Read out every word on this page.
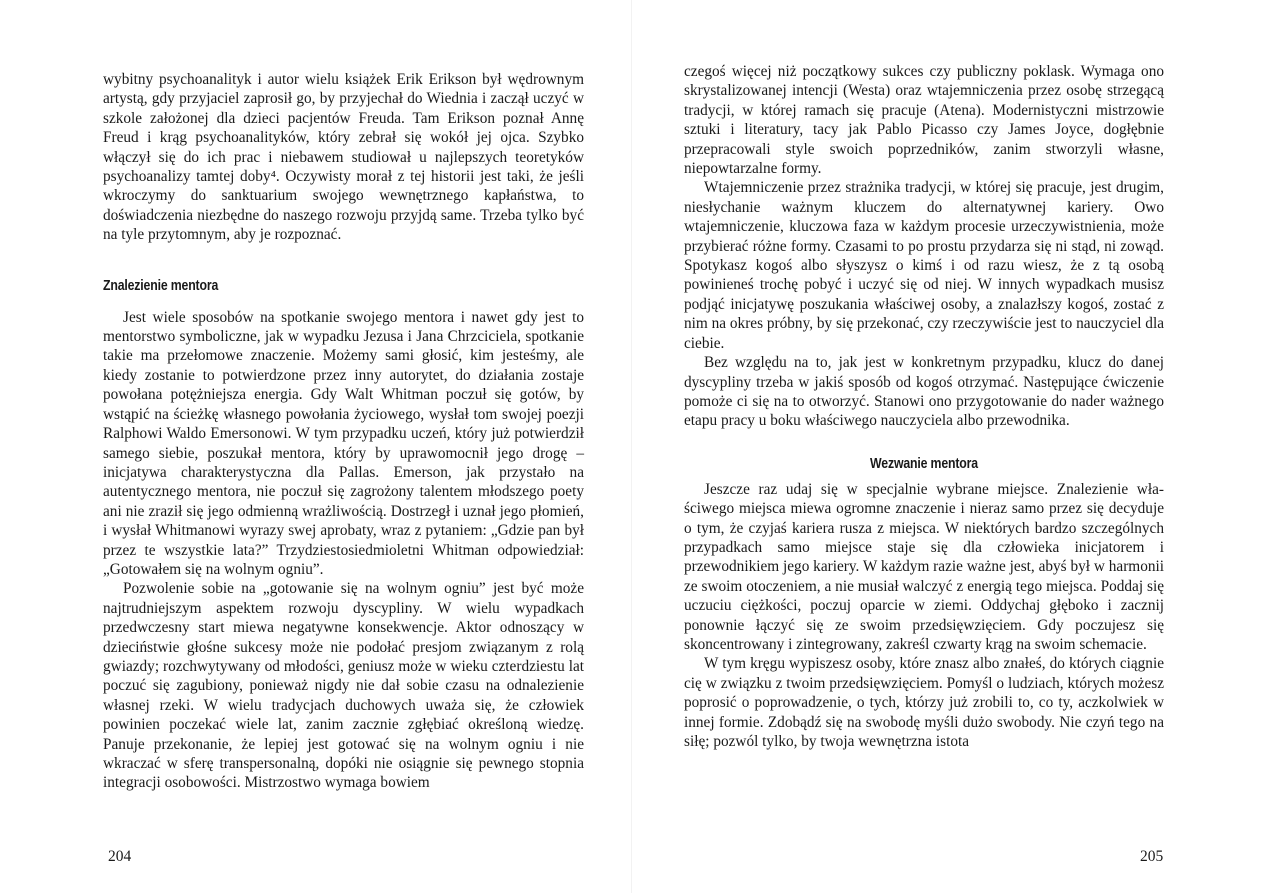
wybitny psychoanalityk i autor wielu książek Erik Erikson był wędrownym artystą, gdy przyjaciel zaprosił go, by przyjechał do Wiednia i zaczął uczyć w szkole założonej dla dzieci pacjentów Freuda. Tam Erikson poznał Annę Freud i krąg psychoanalityków, który zebrał się wokół jej ojca. Szybko włączył się do ich prac i niebawem studiował u najlepszych teoretyków psychoanalizy tamtej doby⁴. Oczywisty morał z tej historii jest taki, że jeśli wkroczymy do sanktuarium swojego wewnętrznego kapłaństwa, to doświadczenia niezbędne do naszego rozwoju przyjdą same. Trzeba tylko być na tyle przytomnym, aby je rozpoznać.

Znalezienie mentora

Jest wiele sposobów na spotkanie swojego mentora i nawet gdy jest to mentorstwo symboliczne, jak w wypadku Jezusa i Jana Chrzciciela, spotkanie takie ma przełomowe znaczenie. Możemy sami głosić, kim jesteśmy, ale kiedy zostanie to potwierdzone przez inny autorytet, do działania zostaje powołana potężniejsza energia. Gdy Walt Whitman poczuł się gotów, by wstąpić na ścieżkę własnego powołania życiowego, wysłał tom swojej poezji Ralphowi Waldo Emersonowi. W tym przypadku uczeń, który już potwierdził samego siebie, poszukał mentora, który by uprawomocnił jego drogę – inicjatywa charakterystyczna dla Pallas. Emerson, jak przystało na autentycznego mentora, nie poczuł się zagrożony talentem młodszego poety ani nie zraził się jego odmienną wrażliwością. Dostrzegł i uznał jego płomień, i wysłał Whitmanowi wyrazy swej aprobaty, wraz z pytaniem: „Gdzie pan był przez te wszystkie lata?” Trzydziestosiedmioletni Whitman odpowiedział: „Gotowałem się na wolnym ogniu”.

Pozwolenie sobie na „gotowanie się na wolnym ogniu” jest być może najtrudniejszym aspektem rozwoju dyscypliny. W wielu wypadkach przedwczesny start miewa negatywne konsekwencje. Aktor odnoszący w dzieciństwie głośne sukcesy może nie podołać presjom związanym z rolą gwiazdy; rozchwytywany od młodości, geniusz może w wieku czterdziestu lat poczuć się zagubiony, ponieważ nigdy nie dał sobie czasu na odnalezienie własnej rzeki. W wielu tradycjach duchowych uważa się, że człowiek powinien poczekać wiele lat, zanim zacznie zgłębiać określoną wiedzę. Panuje przekonanie, że lepiej jest gotować się na wolnym ogniu i nie wkraczać w sferę transpersonalną, dopóki nie osiągnie się pewnego stopnia integracji osobowości. Mistrzostwo wymaga bowiem

204

czegoś więcej niż początkowy sukces czy publiczny poklask. Wymaga ono skrystalizowanej intencji (Westa) oraz wtajemniczenia przez osobę strzegącą tradycji, w której ramach się pracuje (Atena). Modernistyczni mistrzowie sztuki i literatury, tacy jak Pablo Picasso czy James Joyce, dogłębnie przepracowali style swoich poprzedników, zanim stworzyli własne, niepowtarzalne formy.

Wtajemniczenie przez strażnika tradycji, w której się pracuje, jest drugim, niesłychanie ważnym kluczem do alternatywnej kariery. Owo wtajemniczenie, kluczowa faza w każdym procesie urzeczywistnienia, może przybierać różne formy. Czasami to po prostu przydarza się ni stąd, ni zowąd. Spotykasz kogoś albo słyszysz o kimś i od razu wiesz, że z tą osobą powinieneś trochę pobyć i uczyć się od niej. W innych wypadkach musisz podjąć inicjatywę poszukania właściwej osoby, a znalazłszy kogoś, zostać z nim na okres próbny, by się przekonać, czy rzeczywiście jest to nauczyciel dla ciebie.

Bez względu na to, jak jest w konkretnym przypadku, klucz do danej dyscypliny trzeba w jakiś sposób od kogoś otrzymać. Następujące ćwiczenie pomoże ci się na to otworzyć. Stanowi ono przygotowanie do nader ważnego etapu pracy u boku właściwego nauczyciela albo przewodnika.

Wezwanie mentora

Jeszcze raz udaj się w specjalnie wybrane miejsce. Znalezienie właściwego miejsca miewa ogromne znaczenie i nieraz samo przez się decyduje o tym, że czyjaś kariera rusza z miejsca. W niektórych bardzo szczególnych przypadkach samo miejsce staje się dla człowieka inicjatorem i przewodnikiem jego kariery. W każdym razie ważne jest, abyś był w harmonii ze swoim otoczeniem, a nie musiał walczyć z energią tego miejsca. Poddaj się uczuciu ciężkości, poczuj oparcie w ziemi. Oddychaj głęboko i zacznij ponownie łączyć się ze swoim przedsięwzięciem. Gdy poczujesz się skoncentrowany i zintegrowany, zakreśl czwarty krąg na swoim schemacie.

W tym kręgu wypiszesz osoby, które znasz albo znałeś, do których ciągnie cię w związku z twoim przedsięwzięciem. Pomyśl o ludziach, których możesz poprosić o poprowadzenie, o tych, którzy już zrobili to, co ty, aczkolwiek w innej formie. Zdobądź się na swobodę myśli dużo swobody. Nie czyń tego na siłę; pozwól tylko, by twoja wewnętrzna istota

205
